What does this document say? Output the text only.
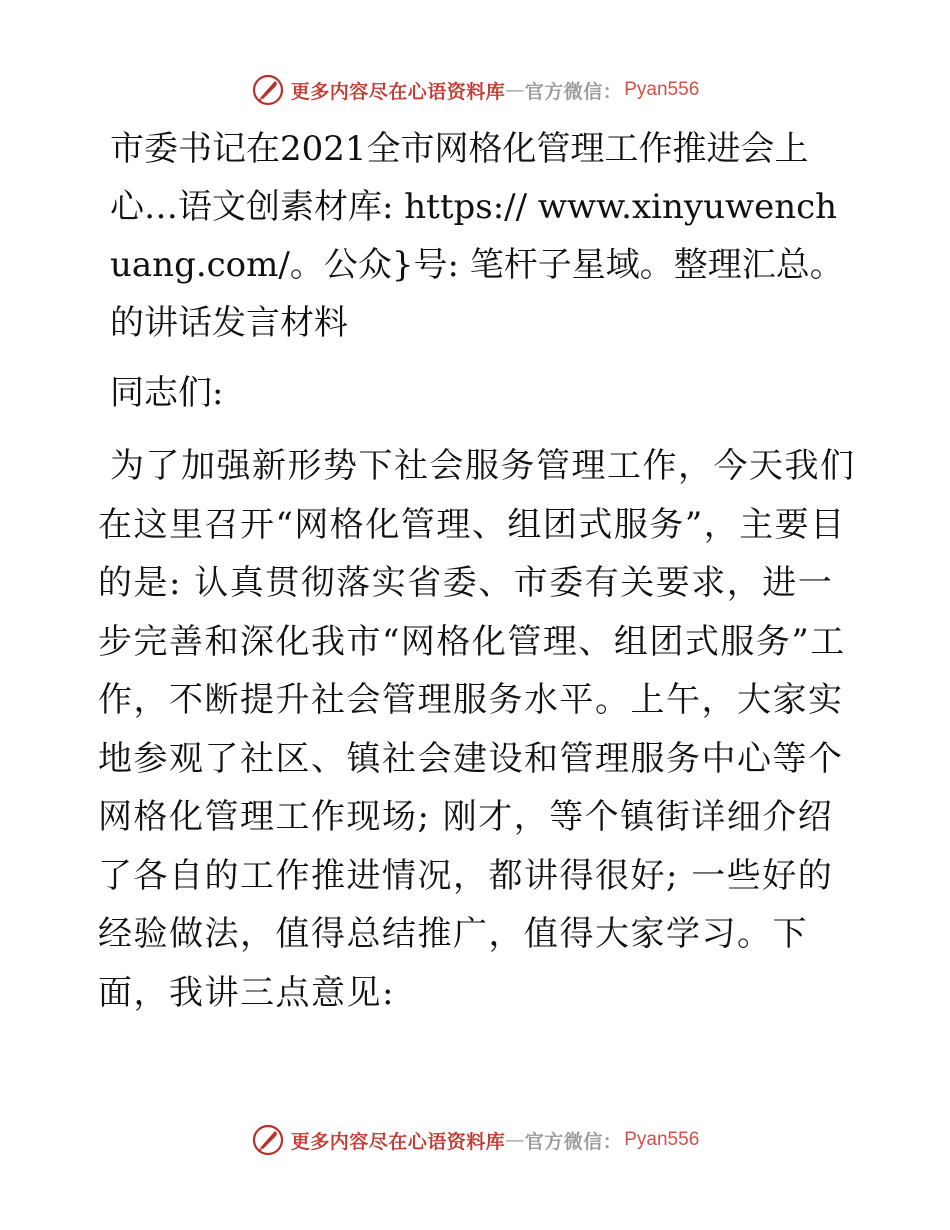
更多内容尽在心语资料库 — 官方微信： Pyan556

市委书记在2021全市网格化管理工作推进会上心…语文创素材库: https:// www.xinyuwenchuang.com/。公众}号: 笔杆子星域。整理汇总。的讲话发言材料

同志们:

为了加强新形势下社会服务管理工作，今天我们在这里召开“网格化管理、组团式服务”，主要目的是: 认真贯彻落实省委、市委有关要求，进一步完善和深化我市“网格化管理、组团式服务”工作，不断提升社会管理服务水平。上午，大家实地参观了社区、镇社会建设和管理服务中心等个网格化管理工作现场; 刚才，等个镇街详细介绍了各自的工作推进情况，都讲得很好; 一些好的经验做法，值得总结推广，值得大家学习。下面，我讲三点意见:

更多内容尽在心语资料库 — 官方微信： Pyan556
